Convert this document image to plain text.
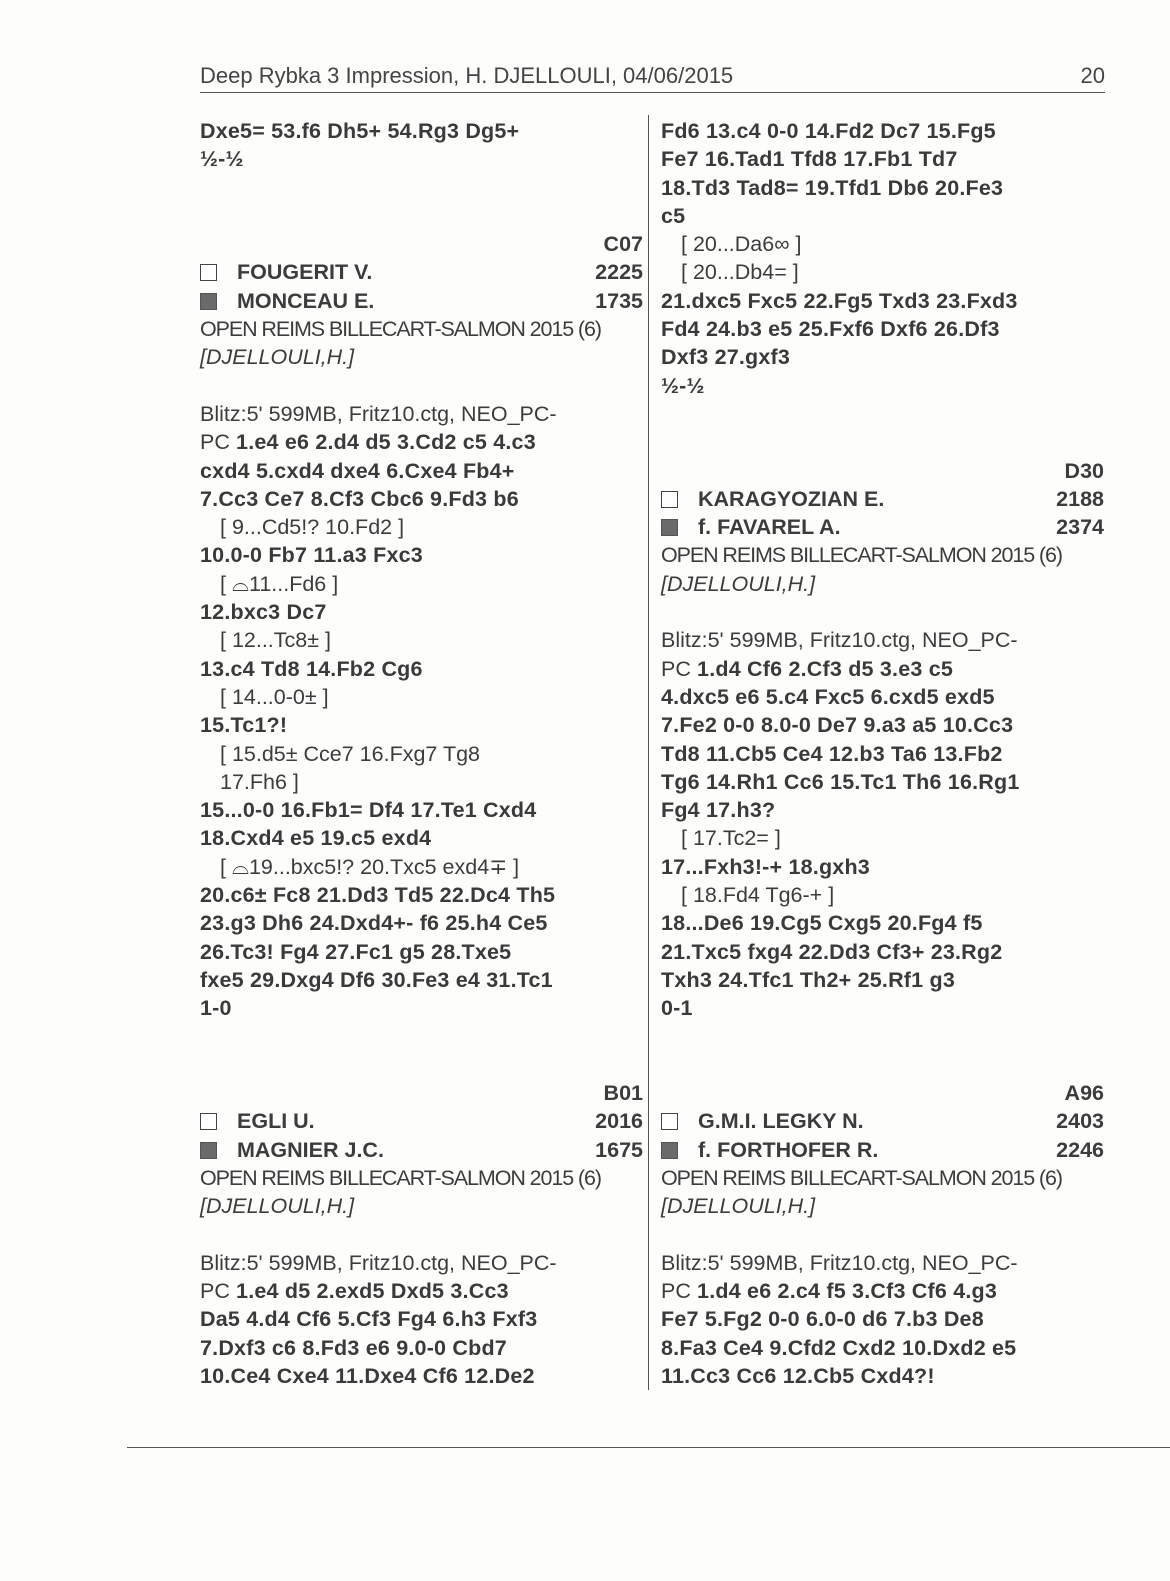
Deep Rybka 3 Impression, H. DJELLOULI, 04/06/2015	20
Dxe5= 53.f6 Dh5+ 54.Rg3 Dg5+
½-½
C07
FOUGERIT V.	2225
MONCEAU E.	1735
OPEN REIMS BILLECART-SALMON 2015 (6)
[DJELLOULI,H.]
Blitz:5' 599MB, Fritz10.ctg, NEO_PC-
PC 1.e4 e6 2.d4 d5 3.Cd2 c5 4.c3
cxd4 5.cxd4 dxe4 6.Cxe4 Fb4+
7.Cc3 Ce7 8.Cf3 Cbc6 9.Fd3 b6
[ 9...Cd5!? 10.Fd2 ]
10.0-0 Fb7 11.a3 Fxc3
[ ⌓11...Fd6 ]
12.bxc3 Dc7
[ 12...Tc8± ]
13.c4 Td8 14.Fb2 Cg6
[ 14...0-0± ]
15.Tc1?!
[ 15.d5± Cce7 16.Fxg7 Tg8
17.Fh6 ]
15...0-0 16.Fb1= Df4 17.Te1 Cxd4
18.Cxd4 e5 19.c5 exd4
[ ⌓19...bxc5!? 20.Txc5 exd4∓ ]
20.c6± Fc8 21.Dd3 Td5 22.Dc4 Th5
23.g3 Dh6 24.Dxd4+- f6 25.h4 Ce5
26.Tc3! Fg4 27.Fc1 g5 28.Txe5
fxe5 29.Dxg4 Df6 30.Fe3 e4 31.Tc1
1-0
B01
EGLI U.	2016
MAGNIER J.C.	1675
OPEN REIMS BILLECART-SALMON 2015 (6)
[DJELLOULI,H.]
Blitz:5' 599MB, Fritz10.ctg, NEO_PC-
PC 1.e4 d5 2.exd5 Dxd5 3.Cc3
Da5 4.d4 Cf6 5.Cf3 Fg4 6.h3 Fxf3
7.Dxf3 c6 8.Fd3 e6 9.0-0 Cbd7
10.Ce4 Cxe4 11.Dxe4 Cf6 12.De2
Fd6 13.c4 0-0 14.Fd2 Dc7 15.Fg5
Fe7 16.Tad1 Tfd8 17.Fb1 Td7
18.Td3 Tad8= 19.Tfd1 Db6 20.Fe3
c5
[ 20...Da6∞ ]
[ 20...Db4= ]
21.dxc5 Fxc5 22.Fg5 Txd3 23.Fxd3
Fd4 24.b3 e5 25.Fxf6 Dxf6 26.Df3
Dxf3 27.gxf3
½-½
D30
KARAGYOZIAN E.	2188
f. FAVAREL A.	2374
OPEN REIMS BILLECART-SALMON 2015 (6)
[DJELLOULI,H.]
Blitz:5' 599MB, Fritz10.ctg, NEO_PC-
PC 1.d4 Cf6 2.Cf3 d5 3.e3 c5
4.dxc5 e6 5.c4 Fxc5 6.cxd5 exd5
7.Fe2 0-0 8.0-0 De7 9.a3 a5 10.Cc3
Td8 11.Cb5 Ce4 12.b3 Ta6 13.Fb2
Tg6 14.Rh1 Cc6 15.Tc1 Th6 16.Rg1
Fg4 17.h3?
[ 17.Tc2= ]
17...Fxh3!-+ 18.gxh3
[ 18.Fd4 Tg6-+ ]
18...De6 19.Cg5 Cxg5 20.Fg4 f5
21.Txc5 fxg4 22.Dd3 Cf3+ 23.Rg2
Txh3 24.Tfc1 Th2+ 25.Rf1 g3
0-1
A96
G.M.I. LEGKY N.	2403
f. FORTHOFER R.	2246
OPEN REIMS BILLECART-SALMON 2015 (6)
[DJELLOULI,H.]
Blitz:5' 599MB, Fritz10.ctg, NEO_PC-
PC 1.d4 e6 2.c4 f5 3.Cf3 Cf6 4.g3
Fe7 5.Fg2 0-0 6.0-0 d6 7.b3 De8
8.Fa3 Ce4 9.Cfd2 Cxd2 10.Dxd2 e5
11.Cc3 Cc6 12.Cb5 Cxd4?!
